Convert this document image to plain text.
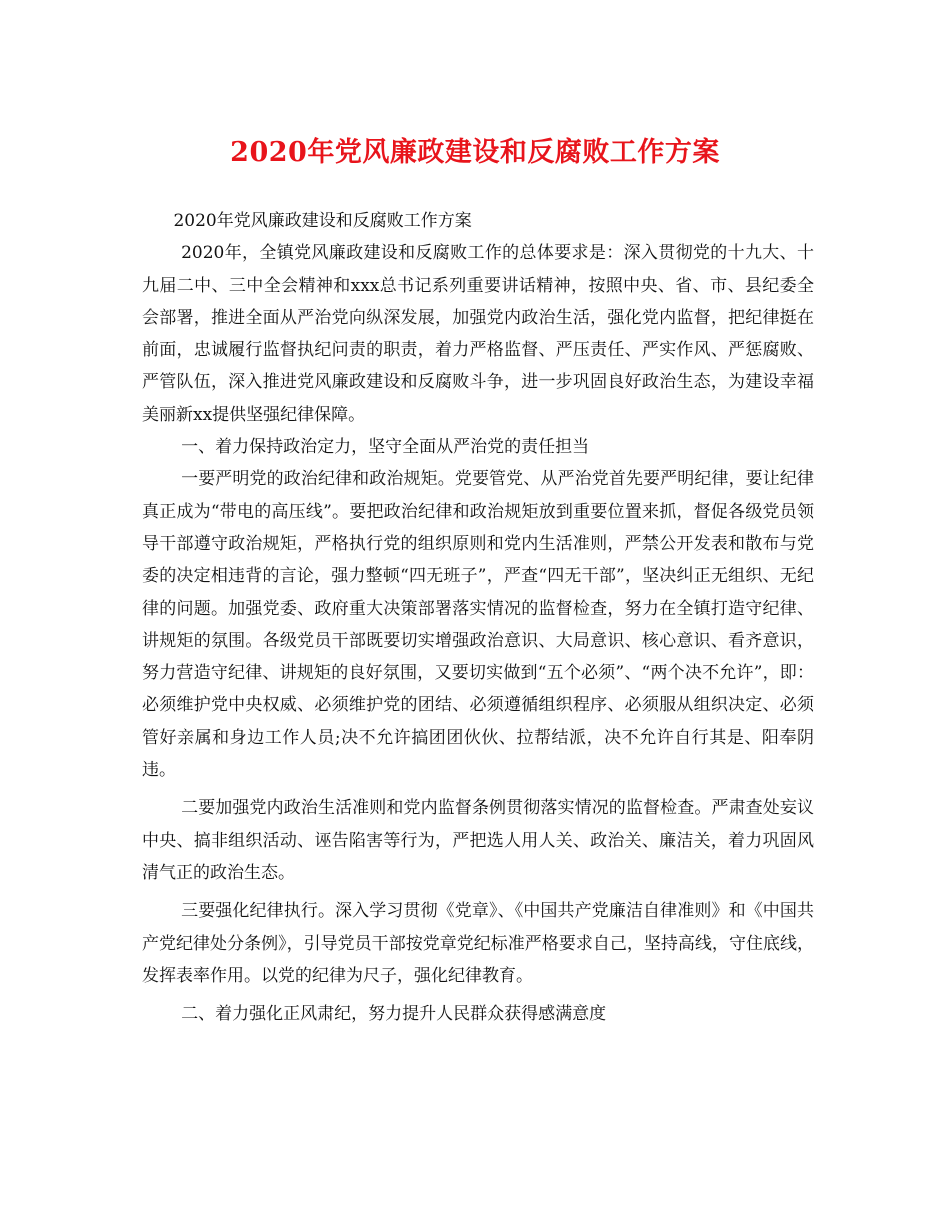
2020年党风廉政建设和反腐败工作方案

2020年党风廉政建设和反腐败工作方案

2020年，全镇党风廉政建设和反腐败工作的总体要求是：深入贯彻党的十九大、十九届二中、三中全会精神和xxx总书记系列重要讲话精神，按照中央、省、市、县纪委全会部署，推进全面从严治党向纵深发展，加强党内政治生活，强化党内监督，把纪律挺在前面，忠诚履行监督执纪问责的职责，着力严格监督、严压责任、严实作风、严惩腐败、严管队伍，深入推进党风廉政建设和反腐败斗争，进一步巩固良好政治生态，为建设幸福美丽新xx提供坚强纪律保障。

一、着力保持政治定力，坚守全面从严治党的责任担当

一要严明党的政治纪律和政治规矩。党要管党、从严治党首先要严明纪律，要让纪律真正成为“带电的高压线”。要把政治纪律和政治规矩放到重要位置来抓，督促各级党员领导干部遵守政治规矩，严格执行党的组织原则和党内生活准则，严禁公开发表和散布与党委的决定相违背的言论，强力整顿“四无班子”，严查“四无干部”，坚决纠正无组织、无纪律的问题。加强党委、政府重大决策部署落实情况的监督检查，努力在全镇打造守纪律、讲规矩的氛围。各级党员干部既要切实增强政治意识、大局意识、核心意识、看齐意识，努力营造守纪律、讲规矩的良好氛围，又要切实做到“五个必须”、“两个决不允许”，即：必须维护党中央权威、必须维护党的团结、必须遵循组织程序、必须服从组织决定、必须管好亲属和身边工作人员;决不允许搞团团伙伙、拉帮结派，决不允许自行其是、阳奉阴违。

二要加强党内政治生活准则和党内监督条例贯彻落实情况的监督检查。严肃查处妄议中央、搞非组织活动、诬告陷害等行为，严把选人用人关、政治关、廉洁关，着力巩固风清气正的政治生态。

三要强化纪律执行。深入学习贯彻《党章》、《中国共产党廉洁自律准则》和《中国共产党纪律处分条例》，引导党员干部按党章党纪标准严格要求自己，坚持高线，守住底线，发挥表率作用。以党的纪律为尺子，强化纪律教育。

二、着力强化正风肃纪，努力提升人民群众获得感满意度
